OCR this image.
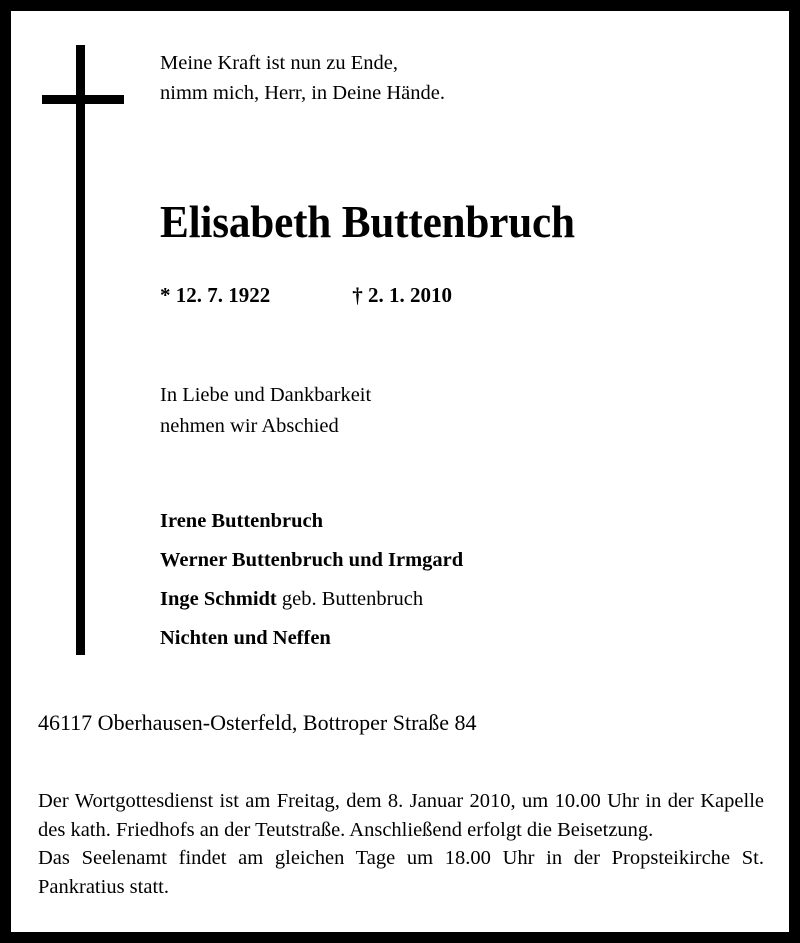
Meine Kraft ist nun zu Ende,
nimm mich, Herr, in Deine Hände.
Elisabeth Buttenbruch
* 12. 7. 1922	† 2. 1. 2010
In Liebe und Dankbarkeit
nehmen wir Abschied
Irene Buttenbruch
Werner Buttenbruch und Irmgard
Inge Schmidt geb. Buttenbruch
Nichten und Neffen
46117 Oberhausen-Osterfeld, Bottroper Straße 84

Der Wortgottesdienst ist am Freitag, dem 8. Januar 2010, um 10.00 Uhr in der Kapelle des kath. Friedhofs an der Teutstraße. Anschließend erfolgt die Beisetzung.

Das Seelenamt findet am gleichen Tage um 18.00 Uhr in der Propsteikirche St. Pankratius statt.
